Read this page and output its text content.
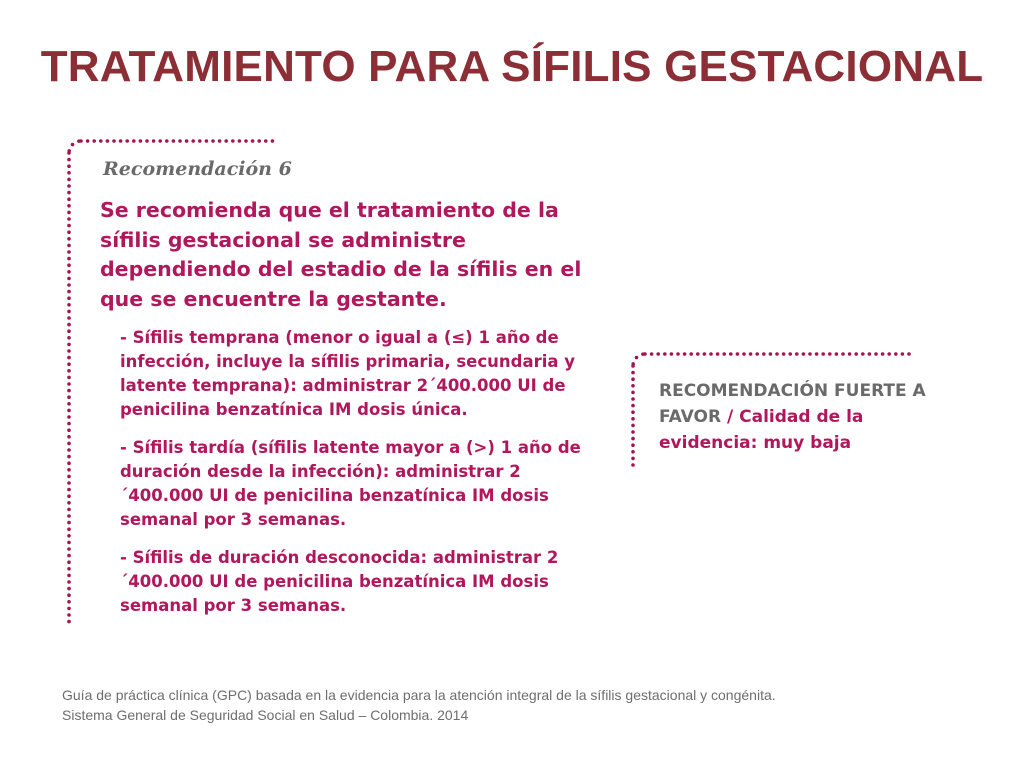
TRATAMIENTO PARA SÍFILIS GESTACIONAL
Recomendación 6
Se recomienda que el tratamiento de la sífilis gestacional se administre dependiendo del estadio de la sífilis en el que se encuentre la gestante.
- Sífilis temprana (menor o igual a (≤) 1 año de infección, incluye la sífilis primaria, secundaria y latente temprana): administrar 2´400.000 UI de penicilina benzatínica IM dosis única.
- Sífilis tardía (sífilis latente mayor a (>) 1 año de duración desde la infección): administrar 2´400.000 UI de penicilina benzatínica IM dosis semanal por 3 semanas.
- Sífilis de duración desconocida: administrar 2´400.000 UI de penicilina benzatínica IM dosis semanal por 3 semanas.
RECOMENDACIÓN FUERTE A FAVOR / Calidad de la evidencia: muy baja
Guía de práctica clínica (GPC) basada en la evidencia para la atención integral de la sífilis gestacional y congénita. Sistema General de Seguridad Social en Salud – Colombia. 2014
